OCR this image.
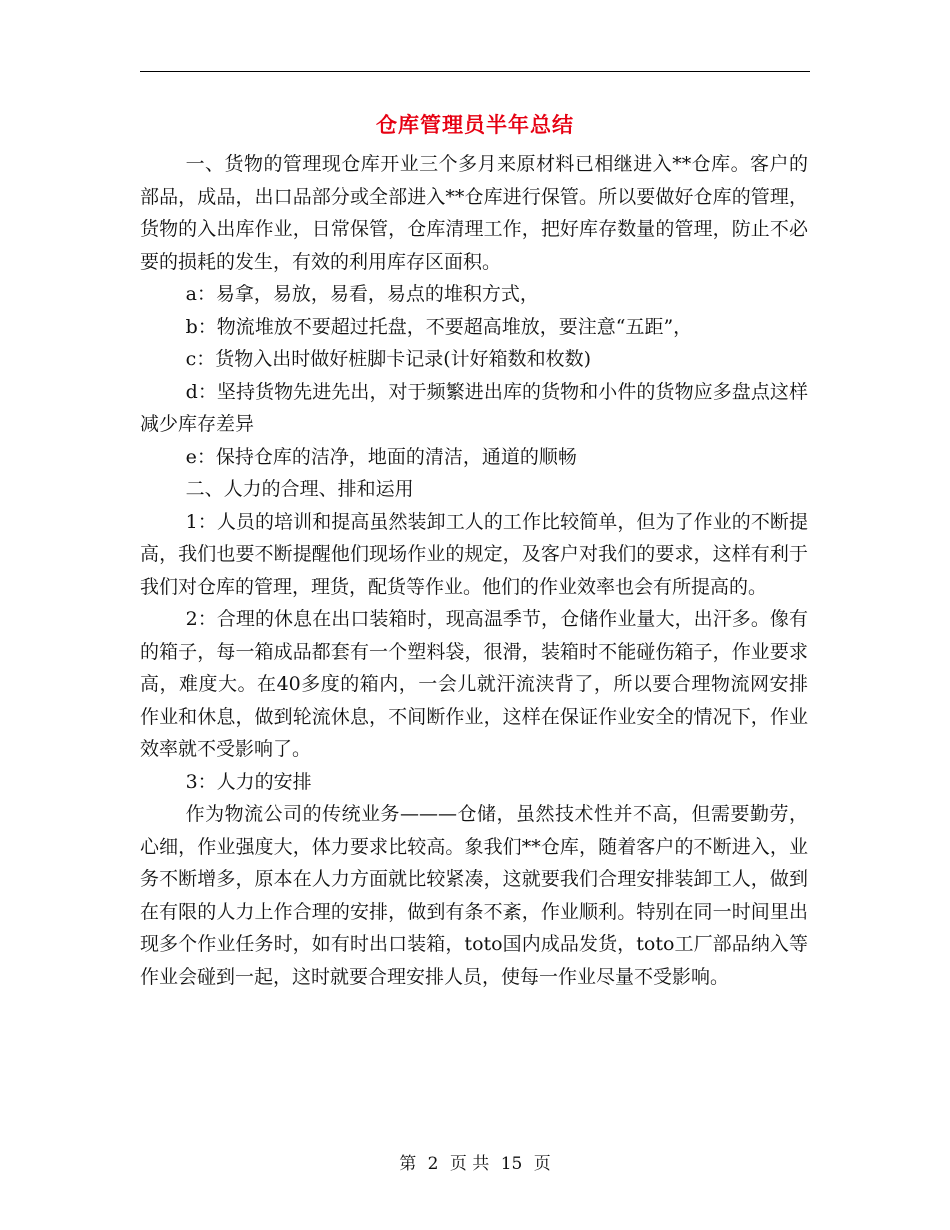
仓库管理员半年总结

一、货物的管理现仓库开业三个多月来原材料已相继进入**仓库。客户的部品，成品，出口品部分或全部进入**仓库进行保管。所以要做好仓库的管理，货物的入出库作业，日常保管，仓库清理工作，把好库存数量的管理，防止不必要的损耗的发生，有效的利用库存区面积。

a：易拿，易放，易看，易点的堆积方式，

b：物流堆放不要超过托盘，不要超高堆放，要注意“五距”，

c：货物入出时做好桩脚卡记录(计好箱数和枚数)

d：坚持货物先进先出，对于频繁进出库的货物和小件的货物应多盘点这样减少库存差异

e：保持仓库的洁净，地面的清洁，通道的顺畅

二、人力的合理、排和运用

1：人员的培训和提高虽然装卸工人的工作比较简单，但为了作业的不断提高，我们也要不断提醒他们现场作业的规定，及客户对我们的要求，这样有利于我们对仓库的管理，理货，配货等作业。他们的作业效率也会有所提高的。

2：合理的休息在出口装箱时，现高温季节，仓储作业量大，出汗多。像有的箱子，每一箱成品都套有一个塑料袋，很滑，装箱时不能碰伤箱子，作业要求高，难度大。在40多度的箱内，一会儿就汗流浃背了，所以要合理物流网安排作业和休息，做到轮流休息，不间断作业，这样在保证作业安全的情况下，作业效率就不受影响了。

3：人力的安排

作为物流公司的传统业务———仓储，虽然技术性并不高，但需要勤劳，心细，作业强度大，体力要求比较高。象我们**仓库，随着客户的不断进入，业务不断增多，原本在人力方面就比较紧凑，这就要我们合理安排装卸工人，做到在有限的人力上作合理的安排，做到有条不紊，作业顺利。特别在同一时间里出现多个作业任务时，如有时出口装箱，toto国内成品发货，toto工厂部品纳入等作业会碰到一起，这时就要合理安排人员，使每一作业尽量不受影响。

第 2 页 共 15 页
